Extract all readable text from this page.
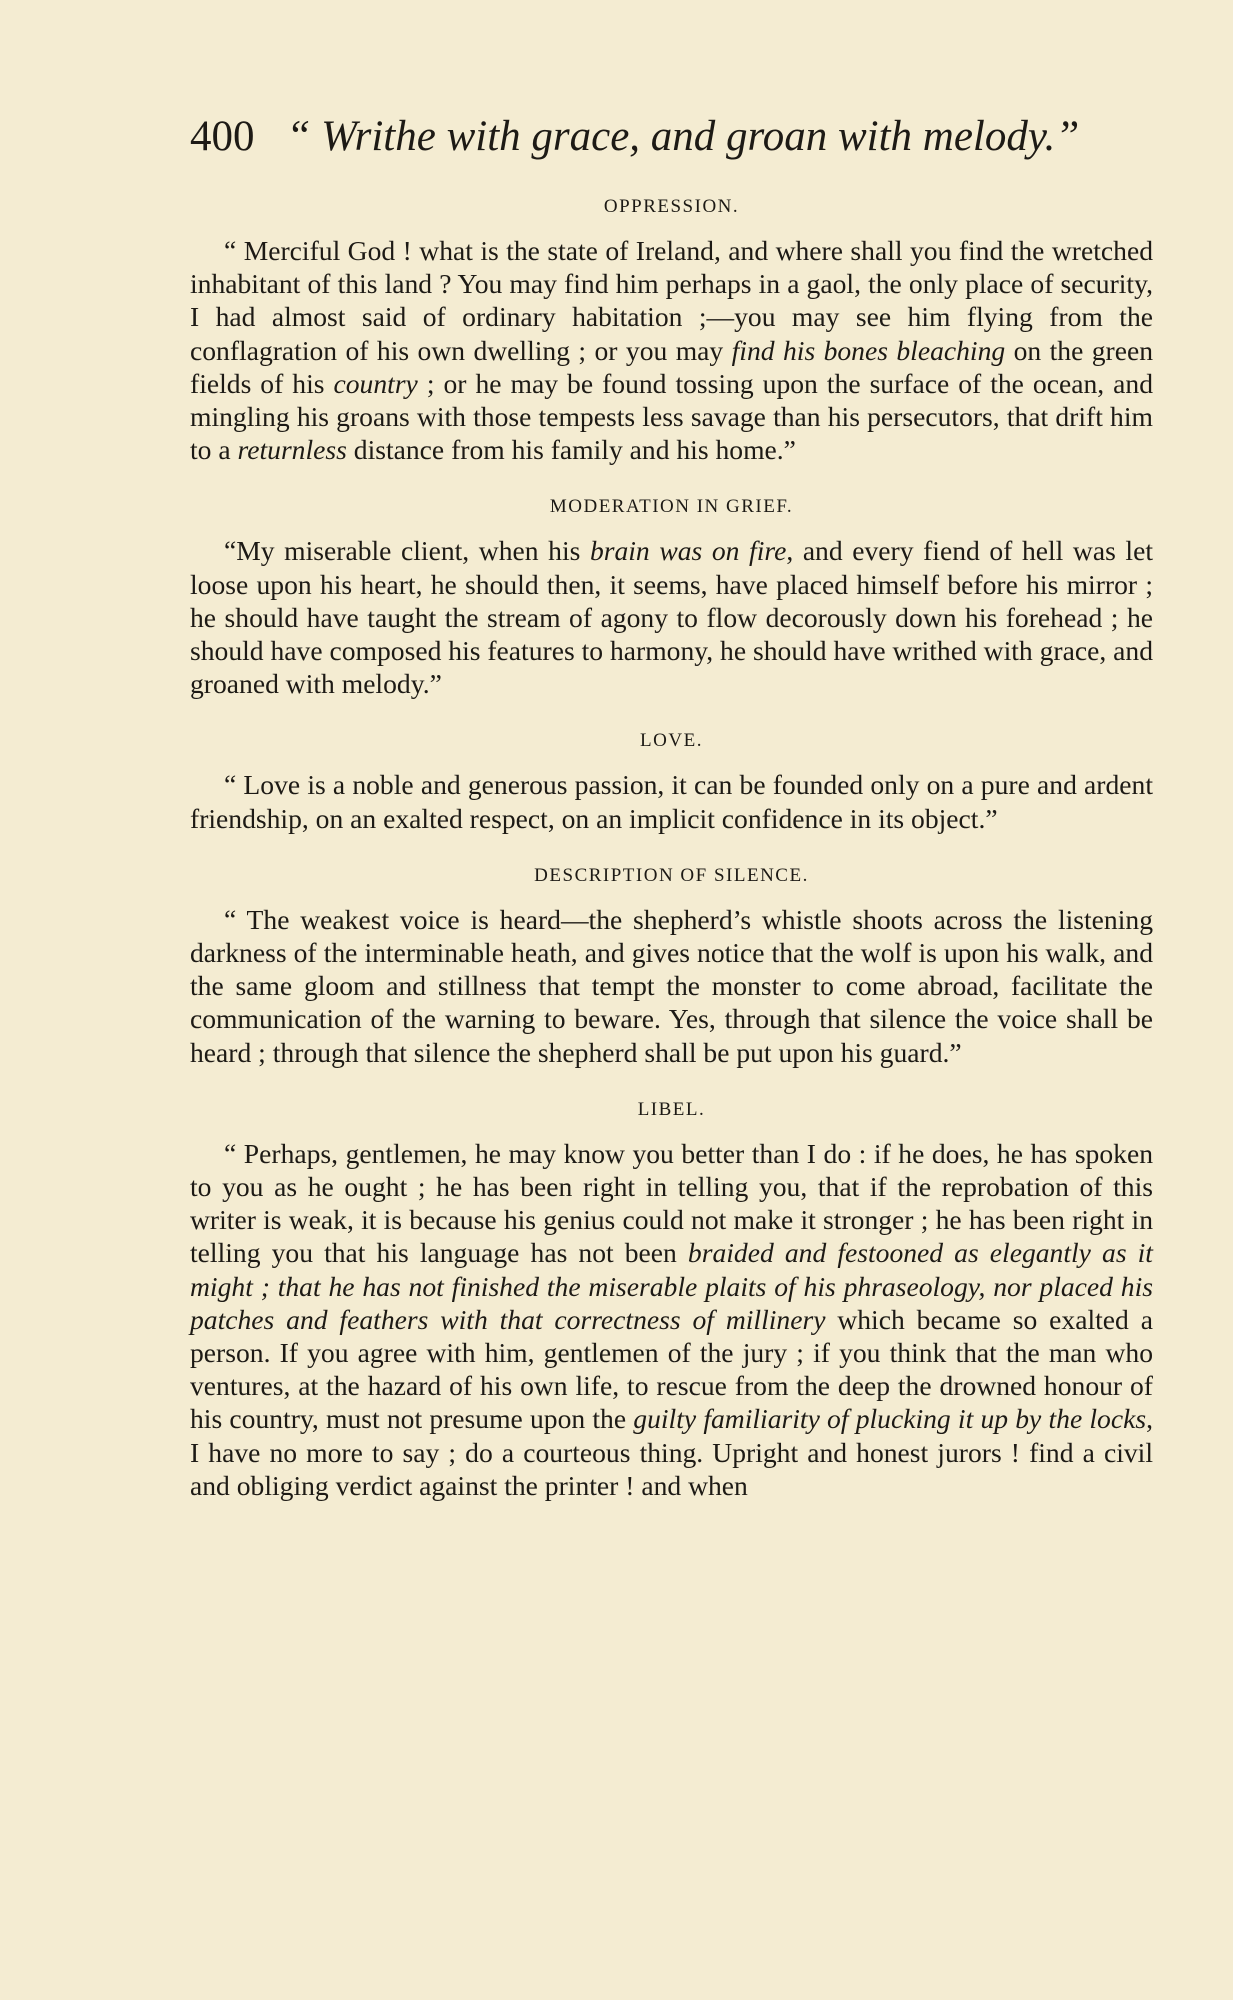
400 “ Writhe with grace, and groan with melody.”
OPPRESSION.

“ Merciful God ! what is the state of Ireland, and where shall you find the wretched inhabitant of this land ? You may find him perhaps in a gaol, the only place of security, I had almost said of ordinary habitation ;—you may see him flying from the conflagration of his own dwelling ; or you may find his bones bleaching on the green fields of his country ; or he may be found tossing upon the surface of the ocean, and mingling his groans with those tempests less savage than his persecutors, that drift him to a returnless distance from his family and his home.”

MODERATION IN GRIEF.

“My miserable client, when his brain was on fire, and every fiend of hell was let loose upon his heart, he should then, it seems, have placed himself before his mirror ; he should have taught the stream of agony to flow decorously down his forehead ; he should have composed his features to harmony, he should have writhed with grace, and groaned with melody.”

LOVE.

“ Love is a noble and generous passion, it can be founded only on a pure and ardent friendship, on an exalted respect, on an implicit confidence in its object.”

DESCRIPTION OF SILENCE.

“ The weakest voice is heard—the shepherd’s whistle shoots across the listening darkness of the interminable heath, and gives notice that the wolf is upon his walk, and the same gloom and stillness that tempt the monster to come abroad, facilitate the communication of the warning to beware. Yes, through that silence the voice shall be heard ; through that silence the shepherd shall be put upon his guard.”

LIBEL.

“ Perhaps, gentlemen, he may know you better than I do : if he does, he has spoken to you as he ought ; he has been right in telling you, that if the reprobation of this writer is weak, it is because his genius could not make it stronger ; he has been right in telling you that his language has not been braided and festooned as elegantly as it might ; that he has not finished the miserable plaits of his phraseology, nor placed his patches and feathers with that correctness of millinery which became so exalted a person. If you agree with him, gentlemen of the jury ; if you think that the man who ventures, at the hazard of his own life, to rescue from the deep the drowned honour of his country, must not presume upon the guilty familiarity of plucking it up by the locks, I have no more to say ; do a courteous thing. Upright and honest jurors ! find a civil and obliging verdict against the printer ! and when
